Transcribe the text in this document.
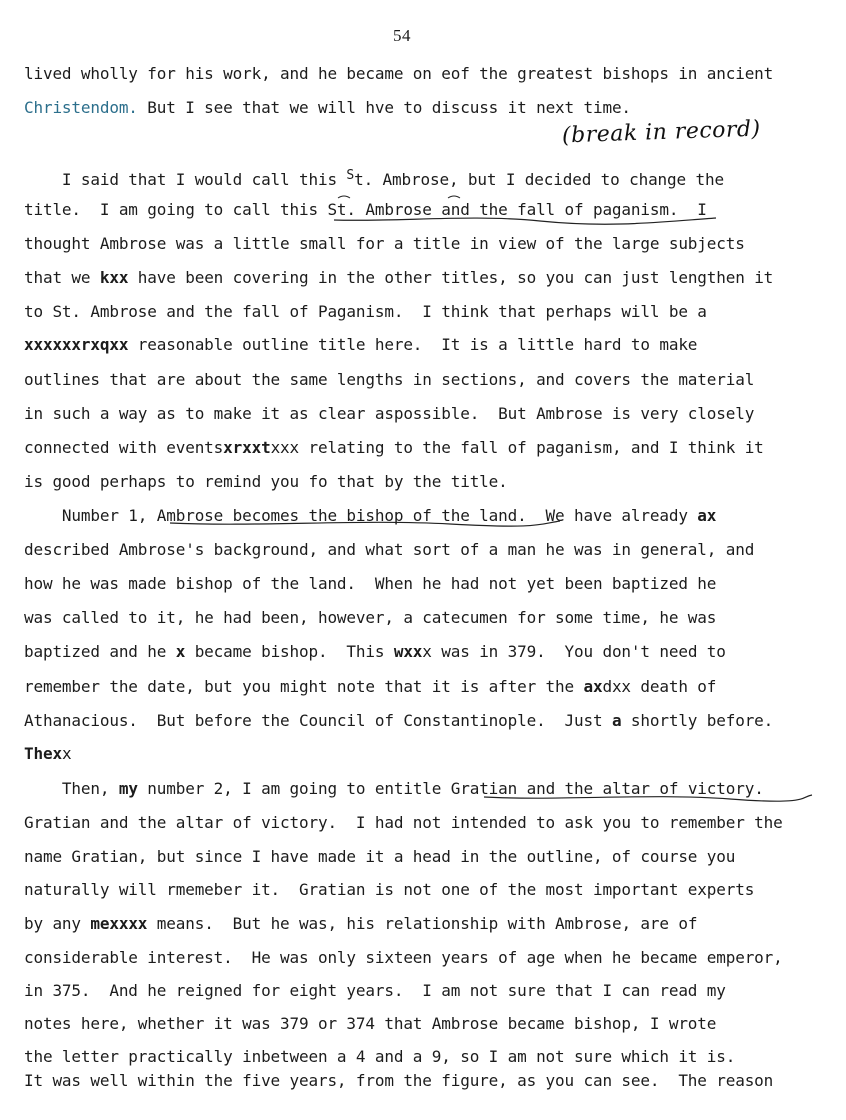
54
(break in record)
lived wholly for his work, and he became on eof the greatest bishops in ancient
Christendom. But I see that we will hve to discuss it next time.
I said that I would call this $^S$t. Ambrose, but I decided to change the
title.  I am going to call this St. Ambrose and the fall of paganism.  I
thought Ambrose was a little small for a title in view of the large subjects
that we kxx have been covering in the other titles, so you can just lengthen it
to St. Ambrose and the fall of Paganism.  I think that perhaps will be a
xxxxxxrxqxx reasonable outline title here.  It is a little hard to make
outlines that are about the same lengths in sections, and covers the material
in such a way as to make it as clear aspossible.  But Ambrose is very closely
connected with eventsxrxxtxxx relating to the fall of paganism, and I think it
is good perhaps to remind you fo that by the title.
Number 1, Ambrose becomes the bishop of the land.  We have already ax
described Ambrose's background, and what sort of a man he was in general, and
how he was made bishop of the land.  When he had not yet been baptized he
was called to it, he had been, however, a catecumen for some time, he was
baptized and he x became bishop.  This wxxx was in 379.  You don't need to
remember the date, but you might note that it is after the axdxx death of
Athanacious.  But before the Council of Constantinople.  Just a shortly before.
Thexx
Then, my number 2, I am going to entitle Gratian and the altar of victory.
Gratian and the altar of victory.  I had not intended to ask you to remember the
name Gratian, but since I have made it a head in the outline, of course you
naturally will rmemeber it.  Gratian is not one of the most important experts
by any mexxxx means.  But he was, his relationship with Ambrose, are of
considerable interest.  He was only sixteen years of age when he became emperor,
in 375.  And he reigned for eight years.  I am not sure that I can read my
notes here, whether it was 379 or 374 that Ambrose became bishop, I wrote
the letter practically inbetween a 4 and a 9, so I am not sure which it is.
It was well within the five years, from the figure, as you can see.  The reason
